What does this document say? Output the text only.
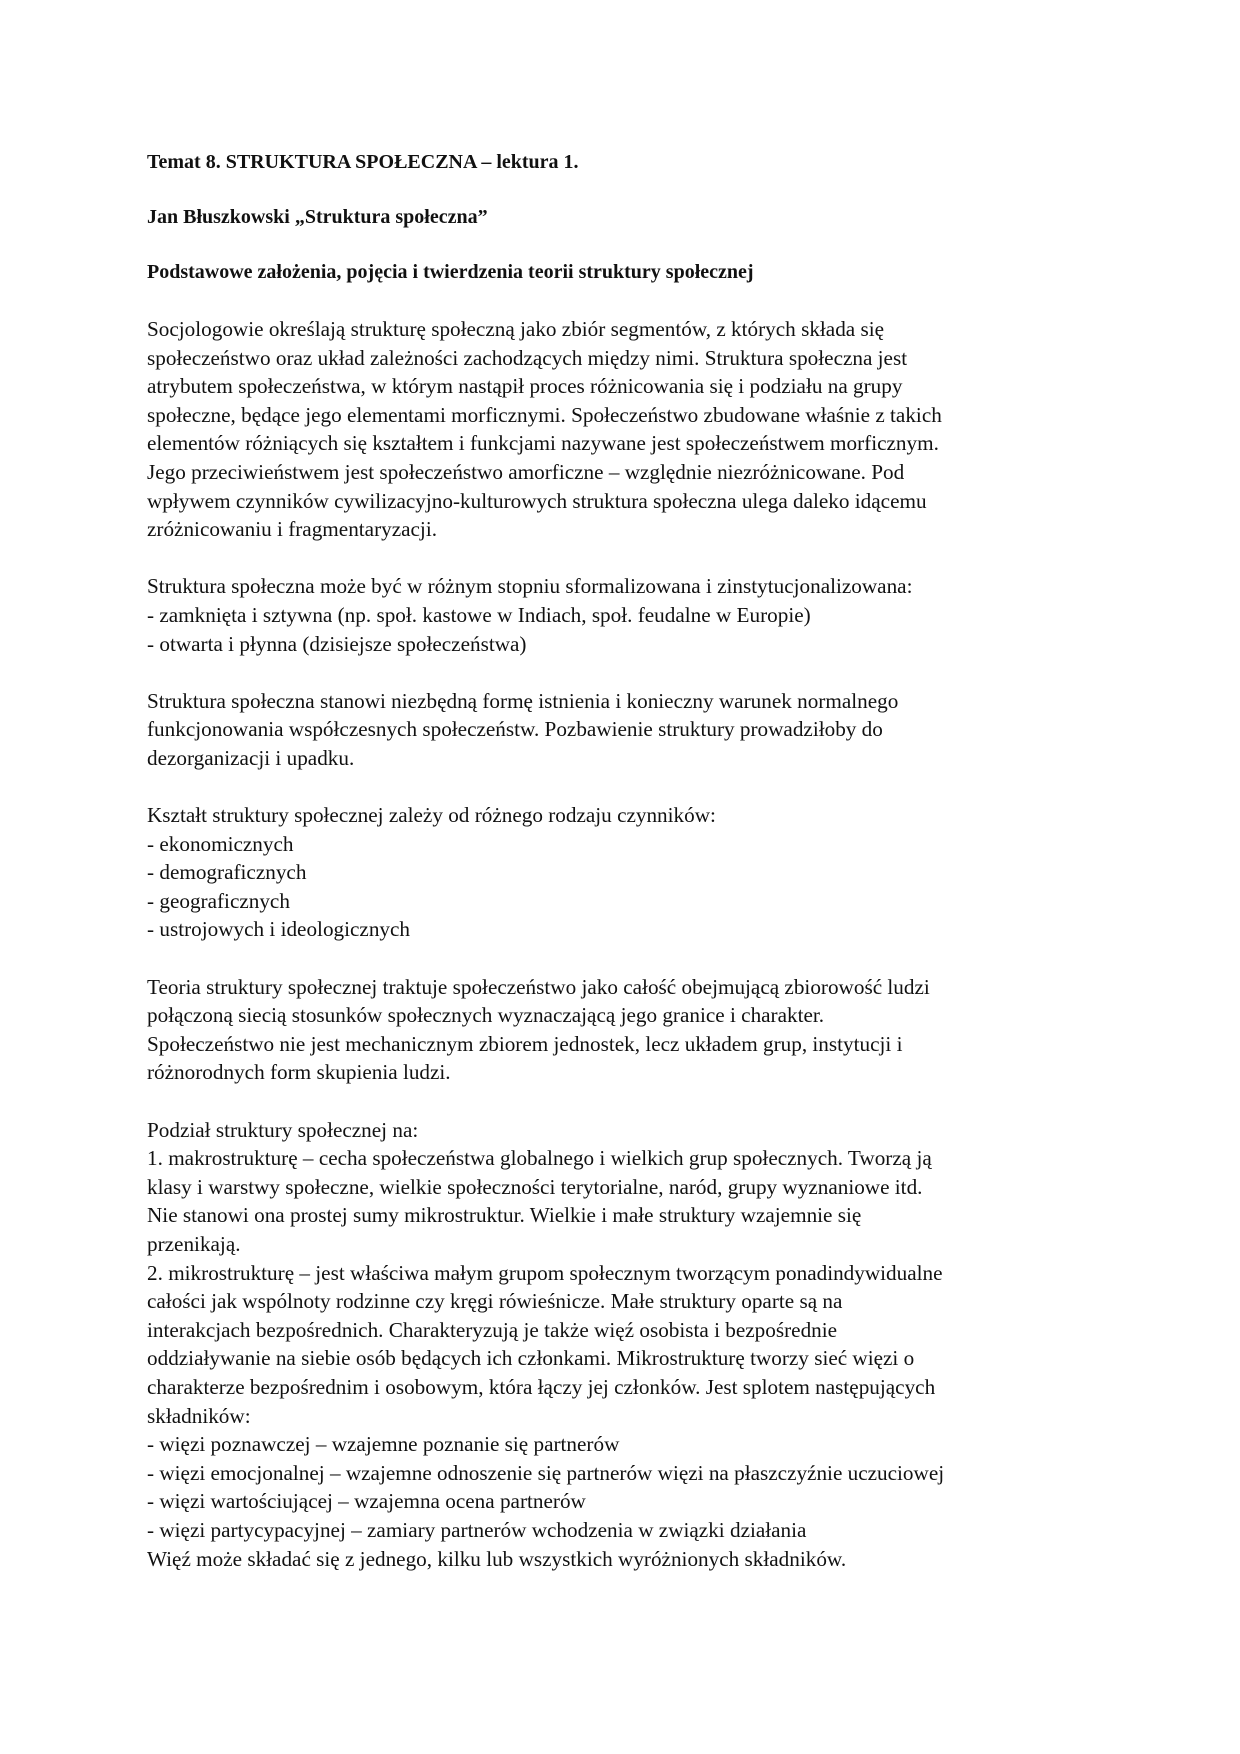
Temat 8. STRUKTURA SPOŁECZNA – lektura 1.

Jan Błuszkowski „Struktura społeczna”

Podstawowe założenia, pojęcia i twierdzenia teorii struktury społecznej

Socjologowie określają strukturę społeczną jako zbiór segmentów, z których składa się
społeczeństwo oraz układ zależności zachodzących między nimi. Struktura społeczna jest
atrybutem społeczeństwa, w którym nastąpił proces różnicowania się i podziału na grupy
społeczne, będące jego elementami morficznymi. Społeczeństwo zbudowane właśnie z takich
elementów różniących się kształtem i funkcjami nazywane jest społeczeństwem morficznym.
Jego przeciwieństwem jest społeczeństwo amorficzne – względnie niezróżnicowane. Pod
wpływem czynników cywilizacyjno-kulturowych struktura społeczna ulega daleko idącemu
zróżnicowaniu i fragmentaryzacji.
Struktura społeczna może być w różnym stopniu sformalizowana i zinstytucjonalizowana:
- zamknięta i sztywna (np. społ. kastowe w Indiach, społ. feudalne w Europie)
- otwarta i płynna (dzisiejsze społeczeństwa)
Struktura społeczna stanowi niezbędną formę istnienia i konieczny warunek normalnego
funkcjonowania współczesnych społeczeństw. Pozbawienie struktury prowadziłoby do
dezorganizacji i upadku.
Kształt struktury społecznej zależy od różnego rodzaju czynników:
- ekonomicznych
- demograficznych
- geograficznych
- ustrojowych i ideologicznych
Teoria struktury społecznej traktuje społeczeństwo jako całość obejmującą zbiorowość ludzi
połączoną siecią stosunków społecznych wyznaczającą jego granice i charakter.
Społeczeństwo nie jest mechanicznym zbiorem jednostek, lecz układem grup, instytucji i
różnorodnych form skupienia ludzi.
Podział struktury społecznej na:
1. makrostrukturę – cecha społeczeństwa globalnego i wielkich grup społecznych. Tworzą ją
klasy i warstwy społeczne, wielkie społeczności terytorialne, naród, grupy wyznaniowe itd.
Nie stanowi ona prostej sumy mikrostruktur. Wielkie i małe struktury wzajemnie się
przenikają.
2. mikrostrukturę – jest właściwa małym grupom społecznym tworzącym ponadindywidualne
całości jak wspólnoty rodzinne czy kręgi rówieśnicze. Małe struktury oparte są na
interakcjach bezpośrednich. Charakteryzują je także więź osobista i bezpośrednie
oddziaływanie na siebie osób będących ich członkami. Mikrostrukturę tworzy sieć więzi o
charakterze bezpośrednim i osobowym, która łączy jej członków. Jest splotem następujących
składników:
- więzi poznawczej – wzajemne poznanie się partnerów
- więzi emocjonalnej – wzajemne odnoszenie się partnerów więzi na płaszczyźnie uczuciowej
- więzi wartościującej – wzajemna ocena partnerów
- więzi partycypacyjnej – zamiary partnerów wchodzenia w związki działania
Więź może składać się z jednego, kilku lub wszystkich wyróżnionych składników.
